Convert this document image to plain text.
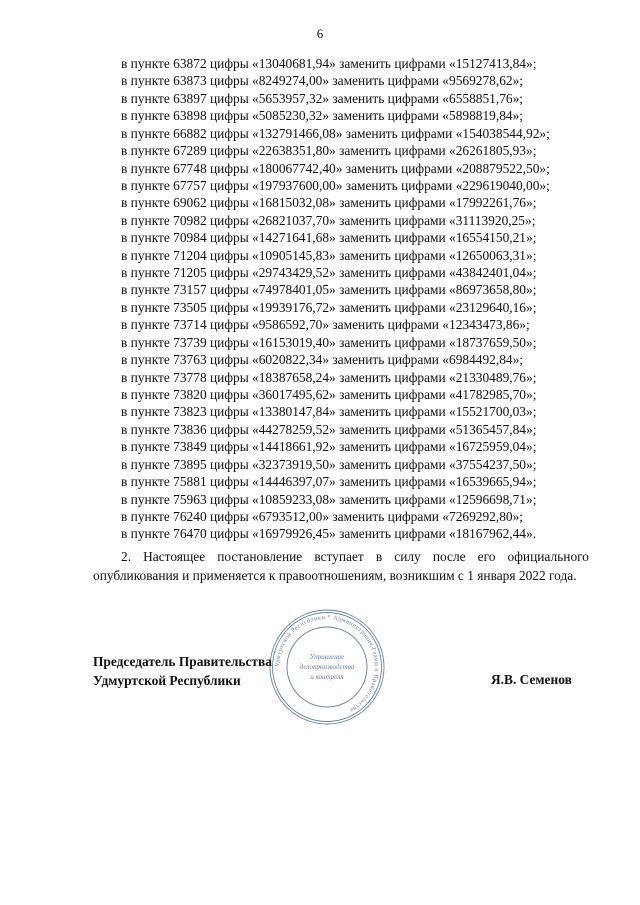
6
в пункте 63872 цифры «13040681,94» заменить цифрами «15127413,84»;
в пункте 63873 цифры «8249274,00» заменить цифрами «9569278,62»;
в пункте 63897 цифры «5653957,32» заменить цифрами «6558851,76»;
в пункте 63898 цифры «5085230,32» заменить цифрами «5898819,84»;
в пункте 66882 цифры «132791466,08» заменить цифрами «154038544,92»;
в пункте 67289 цифры «22638351,80» заменить цифрами «26261805,93»;
в пункте 67748 цифры «180067742,40» заменить цифрами «208879522,50»;
в пункте 67757 цифры «197937600,00» заменить цифрами «229619040,00»;
в пункте 69062 цифры «16815032,08» заменить цифрами «17992261,76»;
в пункте 70982 цифры «26821037,70» заменить цифрами «31113920,25»;
в пункте 70984 цифры «14271641,68» заменить цифрами «16554150,21»;
в пункте 71204 цифры «10905145,83» заменить цифрами «12650063,31»;
в пункте 71205 цифры «29743429,52» заменить цифрами «43842401,04»;
в пункте 73157 цифры «74978401,05» заменить цифрами «86973658,80»;
в пункте 73505 цифры «19939176,72» заменить цифрами «23129640,16»;
в пункте 73714 цифры «9586592,70» заменить цифрами «12343473,86»;
в пункте 73739 цифры «16153019,40» заменить цифрами «18737659,50»;
в пункте 73763 цифры «6020822,34» заменить цифрами «6984492,84»;
в пункте 73778 цифры «18387658,24» заменить цифрами «21330489,76»;
в пункте 73820 цифры «36017495,62» заменить цифрами «41782985,70»;
в пункте 73823 цифры «13380147,84» заменить цифрами «15521700,03»;
в пункте 73836 цифры «44278259,52» заменить цифрами «51365457,84»;
в пункте 73849 цифры «14418661,92» заменить цифрами «16725959,04»;
в пункте 73895 цифры «32373919,50» заменить цифрами «37554237,50»;
в пункте 75881 цифры «14446397,07» заменить цифрами «16539665,94»;
в пункте 75963 цифры «10859233,08» заменить цифрами «12596698,71»;
в пункте 76240 цифры «6793512,00» заменить цифрами «7269292,80»;
в пункте 76470 цифры «16979926,45» заменить цифрами «18167962,44».

2. Настоящее постановление вступает в силу после его официального опубликования и применяется к правоотношениям, возникшим с 1 января 2022 года.

Удмуртской Республики * Администрация Главы и Правительства
Управление
делопроизводства
и контроля
Председатель Правительства
Удмуртской Республики	Я.В. Семенов
